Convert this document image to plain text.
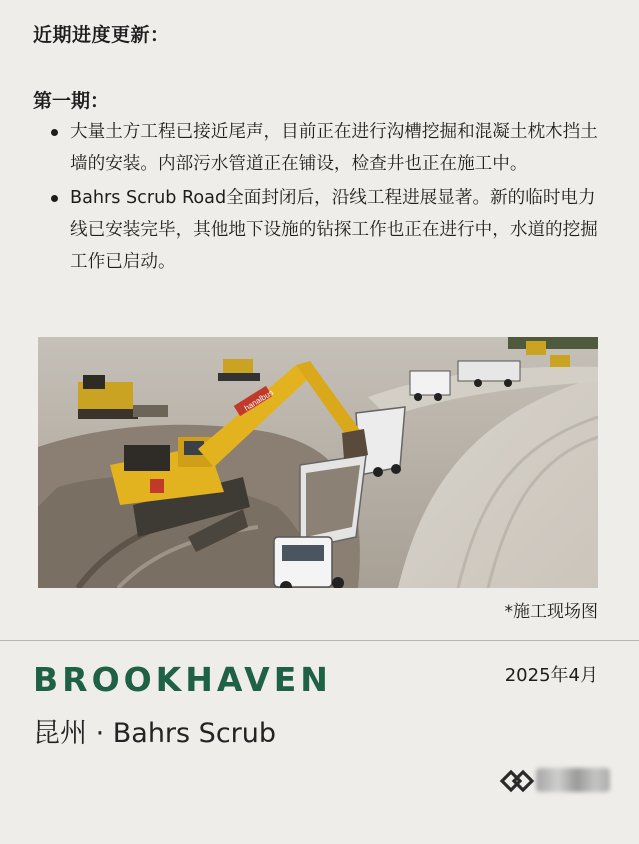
近期进度更新：
第一期：
大量土方工程已接近尾声，目前正在进行沟槽挖掘和混凝土枕木挡土墙的安装。内部污水管道正在铺设，检查井也正在施工中。
Bahrs Scrub Road全面封闭后，沿线工程进展显著。新的临时电力线已安装完毕，其他地下设施的钻探工作也正在进行中，水道的挖掘工作已启动。
hanalbus
*施工现场图
BROOKHAVEN	2025年4月
昆州 · Bahrs Scrub
